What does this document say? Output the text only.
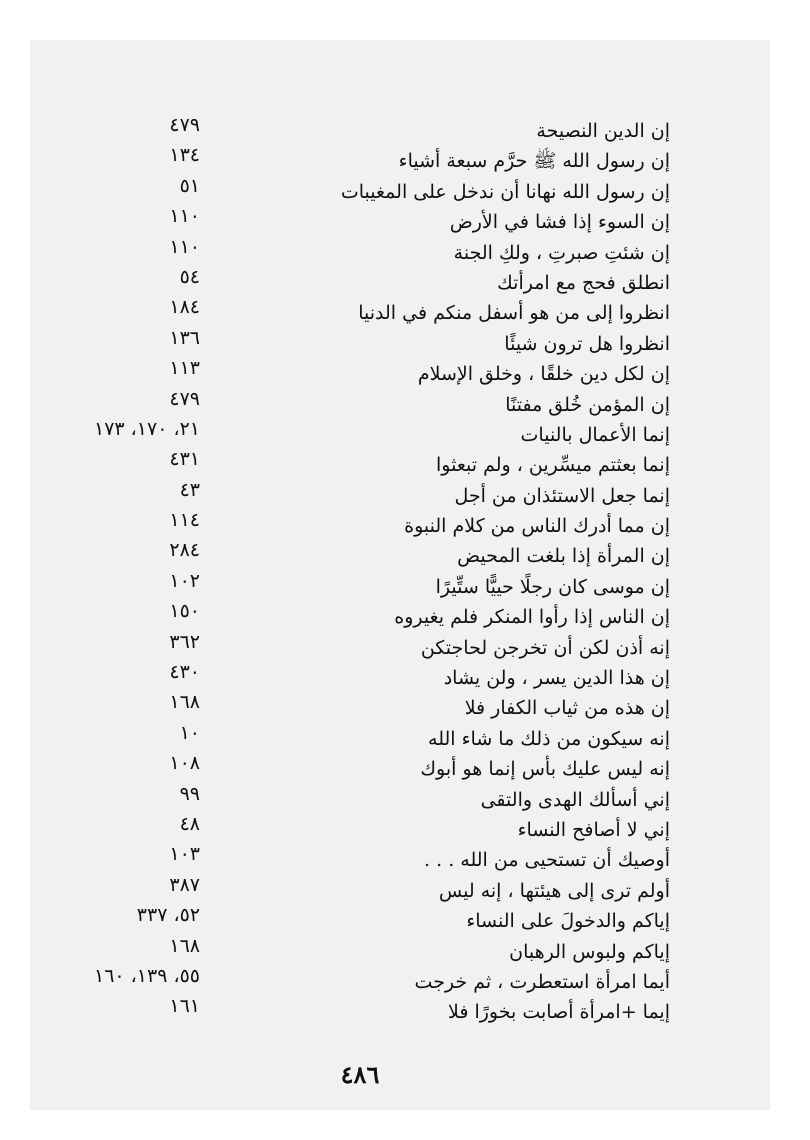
إن الدين النصيحة
٤٧٩
إن رسول الله ﷺ حرَّم سبعة أشياء
١٣٤
إن رسول الله نهانا أن ندخل على المغيبات
٥١
إن السوء إذا فشا في الأرض
١١٠
إن شئتِ صبرتِ ، ولكِ الجنة
١١٠
انطلق فحج مع امرأتك
٥٤
انظروا إلى من هو أسفل منكم في الدنيا
١٨٤
انظروا هل ترون شيئًا
١٣٦
إن لكل دين خلقًا ، وخلق الإسلام
١١٣
إن المؤمن خُلق مفتنًا
٤٧٩
إنما الأعمال بالنيات
٢١، ١٧٠، ١٧٣
إنما بعثتم ميسِّرين ، ولم تبعثوا
٤٣١
إنما جعل الاستئذان من أجل
٤٣
إن مما أدرك الناس من كلام النبوة
١١٤
إن المرأة إذا بلغت المحيض
٢٨٤
إن موسى كان رجلًا حييًّا ستِّيرًا
١٠٢
إن الناس إذا رأوا المنكر فلم يغيروه
١٥٠
إنه أذن لكن أن تخرجن لحاجتكن
٣٦٢
إن هذا الدين يسر ، ولن يشاد
٤٣٠
إن هذه من ثياب الكفار فلا
١٦٨
إنه سيكون من ذلك ما شاء الله
١٠
إنه ليس عليك بأس إنما هو أبوك
١٠٨
إني أسألك الهدى والتقى
٩٩
إني لا أصافح النساء
٤٨
أوصيك أن تستحيى من الله . . .
١٠٣
أولم ترى إلى هيئتها ، إنه ليس
٣٨٧
إياكم والدخولَ على النساء
٥٢، ٣٣٧
إياكم ولبوس الرهبان
١٦٨
أيما امرأة استعطرت ، ثم خرجت
٥٥، ١٣٩، ١٦٠
إيما +امرأة أصابت بخورًا فلا
١٦١
٤٨٦
